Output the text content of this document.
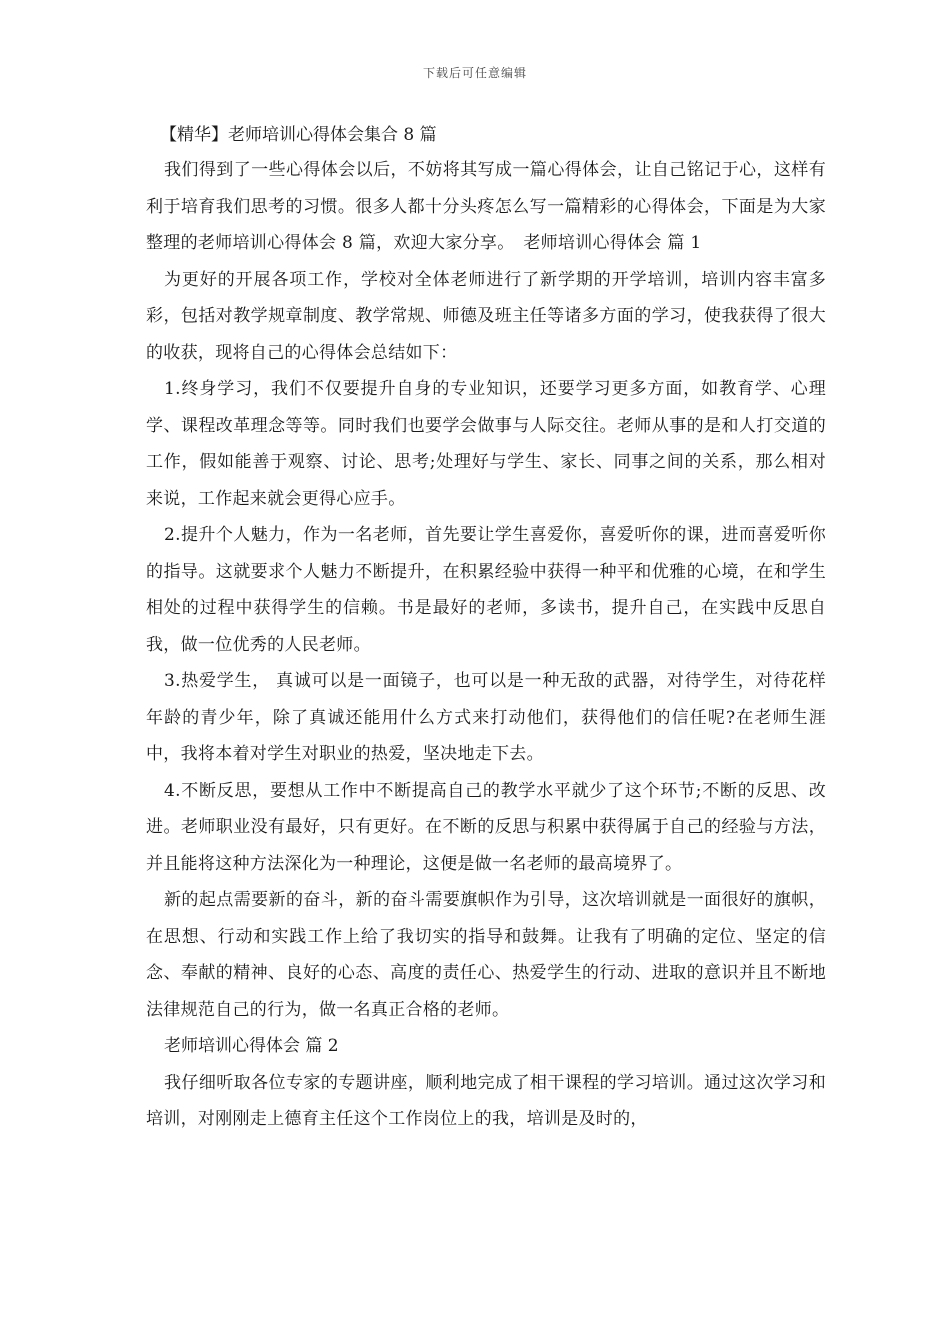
下载后可任意编辑

【精华】老师培训心得体会集合 8 篇

我们得到了一些心得体会以后，不妨将其写成一篇心得体会，让自己铭记于心，这样有利于培育我们思考的习惯。很多人都十分头疼怎么写一篇精彩的心得体会，下面是为大家整理的老师培训心得体会 8 篇，欢迎大家分享。　老师培训心得体会 篇 1

为更好的开展各项工作，学校对全体老师进行了新学期的开学培训，培训内容丰富多彩，包括对教学规章制度、教学常规、师德及班主任等诸多方面的学习，使我获得了很大的收获，现将自己的心得体会总结如下：

1.终身学习，我们不仅要提升自身的专业知识，还要学习更多方面，如教育学、心理学、课程改革理念等等。同时我们也要学会做事与人际交往。老师从事的是和人打交道的工作，假如能善于观察、讨论、思考;处理好与学生、家长、同事之间的关系，那么相对来说，工作起来就会更得心应手。

2.提升个人魅力，作为一名老师，首先要让学生喜爱你，喜爱听你的课，进而喜爱听你的指导。这就要求个人魅力不断提升，在积累经验中获得一种平和优雅的心境，在和学生相处的过程中获得学生的信赖。书是最好的老师，多读书，提升自己，在实践中反思自我，做一位优秀的人民老师。

3.热爱学生， 真诚可以是一面镜子，也可以是一种无敌的武器，对待学生，对待花样年龄的青少年，除了真诚还能用什么方式来打动他们，获得他们的信任呢?在老师生涯中，我将本着对学生对职业的热爱，坚决地走下去。

4.不断反思，要想从工作中不断提高自己的教学水平就少了这个环节;不断的反思、改进。老师职业没有最好，只有更好。在不断的反思与积累中获得属于自己的经验与方法，并且能将这种方法深化为一种理论，这便是做一名老师的最高境界了。

新的起点需要新的奋斗，新的奋斗需要旗帜作为引导，这次培训就是一面很好的旗帜，在思想、行动和实践工作上给了我切实的指导和鼓舞。让我有了明确的定位、坚定的信念、奉献的精神、良好的心态、高度的责任心、热爱学生的行动、进取的意识并且不断地法律规范自己的行为，做一名真正合格的老师。

老师培训心得体会 篇 2

我仔细听取各位专家的专题讲座，顺利地完成了相干课程的学习培训。通过这次学习和培训，对刚刚走上德育主任这个工作岗位上的我，培训是及时的，
